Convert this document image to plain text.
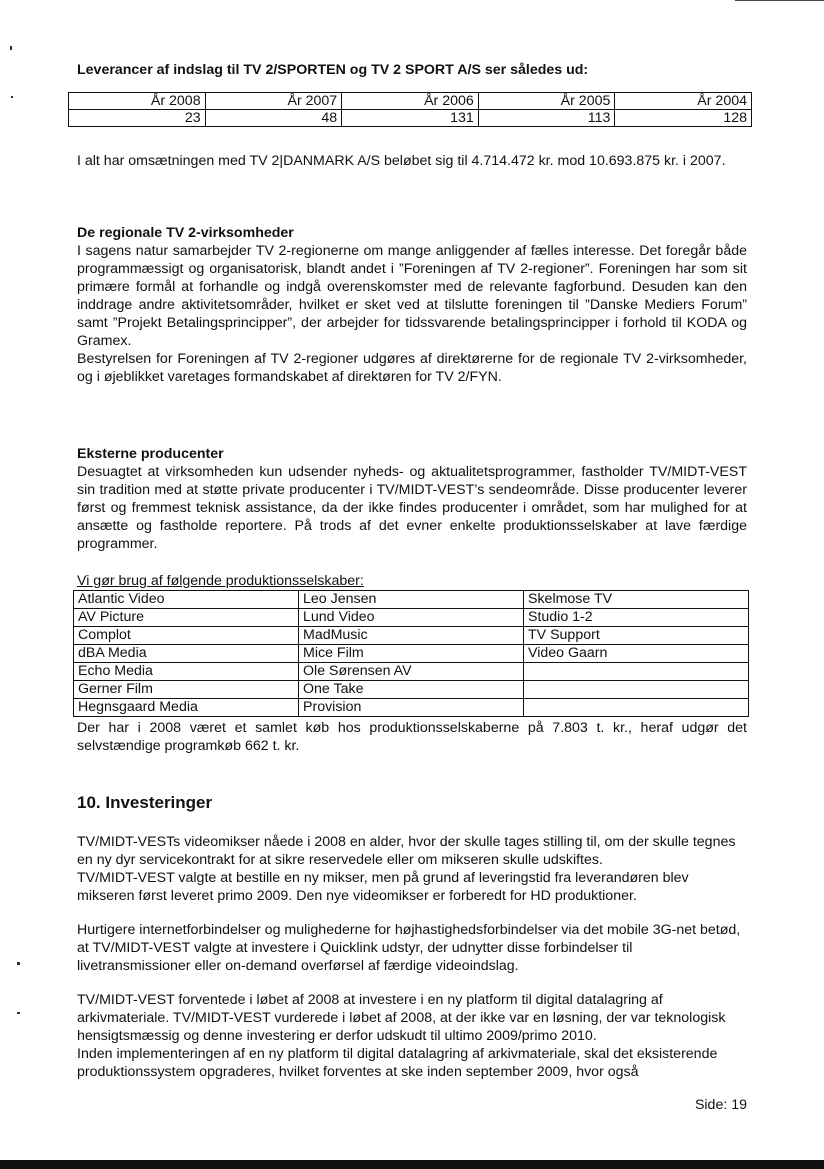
Leverancer af indslag til TV 2/SPORTEN og TV 2 SPORT A/S ser således ud:
År 2008	År 2007	År 2006	År 2005	År 2004
23	48	131	113	128

I alt har omsætningen med TV 2|DANMARK A/S beløbet sig til 4.714.472 kr. mod 10.693.875 kr. i 2007.

De regionale TV 2-virksomheder

I sagens natur samarbejder TV 2-regionerne om mange anliggender af fælles interesse. Det foregår både programmæssigt og organisatorisk, blandt andet i ”Foreningen af TV 2-regioner”. Foreningen har som sit primære formål at forhandle og indgå overenskomster med de relevante fagforbund. Desuden kan den inddrage andre aktivitetsområder, hvilket er sket ved at tilslutte foreningen til ”Danske Mediers Forum” samt ”Projekt Betalingsprincipper”, der arbejder for tidssvarende betalingsprincipper i forhold til KODA og Gramex.

Bestyrelsen for Foreningen af TV 2-regioner udgøres af direktørerne for de regionale TV 2-virksomheder, og i øjeblikket varetages formandskabet af direktøren for TV 2/FYN.

Eksterne producenter

Desuagtet at virksomheden kun udsender nyheds- og aktualitetsprogrammer, fastholder TV/MIDT-VEST sin tradition med at støtte private producenter i TV/MIDT-VEST’s sendeområde. Disse producenter leverer først og fremmest teknisk assistance, da der ikke findes producenter i området, som har mulighed for at ansætte og fastholde reportere. På trods af det evner enkelte produktionsselskaber at lave færdige programmer.

Vi gør brug af følgende produktionsselskaber:

Atlantic Video	Leo Jensen	Skelmose TV
AV Picture	Lund Video	Studio 1-2
Complot	MadMusic	TV Support
dBA Media	Mice Film	Video Gaarn
Echo Media	Ole Sørensen AV	
Gerner Film	One Take	
Hegnsgaard Media	Provision	

Der har i 2008 været et samlet køb hos produktionsselskaberne på 7.803 t. kr., heraf udgør det selvstændige programkøb 662 t. kr.

10. Investeringer

TV/MIDT-VESTs videomikser nåede i 2008 en alder, hvor der skulle tages stilling til, om der skulle tegnes en ny dyr servicekontrakt for at sikre reservedele eller om mikseren skulle udskiftes.

TV/MIDT-VEST valgte at bestille en ny mikser, men på grund af leveringstid fra leverandøren blev mikseren først leveret primo 2009. Den nye videomikser er forberedt for HD produktioner.

Hurtigere internetforbindelser og mulighederne for højhastighedsforbindelser via det mobile 3G-net betød, at TV/MIDT-VEST valgte at investere i Quicklink udstyr, der udnytter disse forbindelser til livetransmissioner eller on-demand overførsel af færdige videoindslag.

TV/MIDT-VEST forventede i løbet af 2008 at investere i en ny platform til digital datalagring af arkivmateriale. TV/MIDT-VEST vurderede i løbet af 2008, at der ikke var en løsning, der var teknologisk hensigtsmæssig og denne investering er derfor udskudt til ultimo 2009/primo 2010.

Inden implementeringen af en ny platform til digital datalagring af arkivmateriale, skal det eksisterende produktionssystem opgraderes, hvilket forventes at ske inden september 2009, hvor også

Side: 19
